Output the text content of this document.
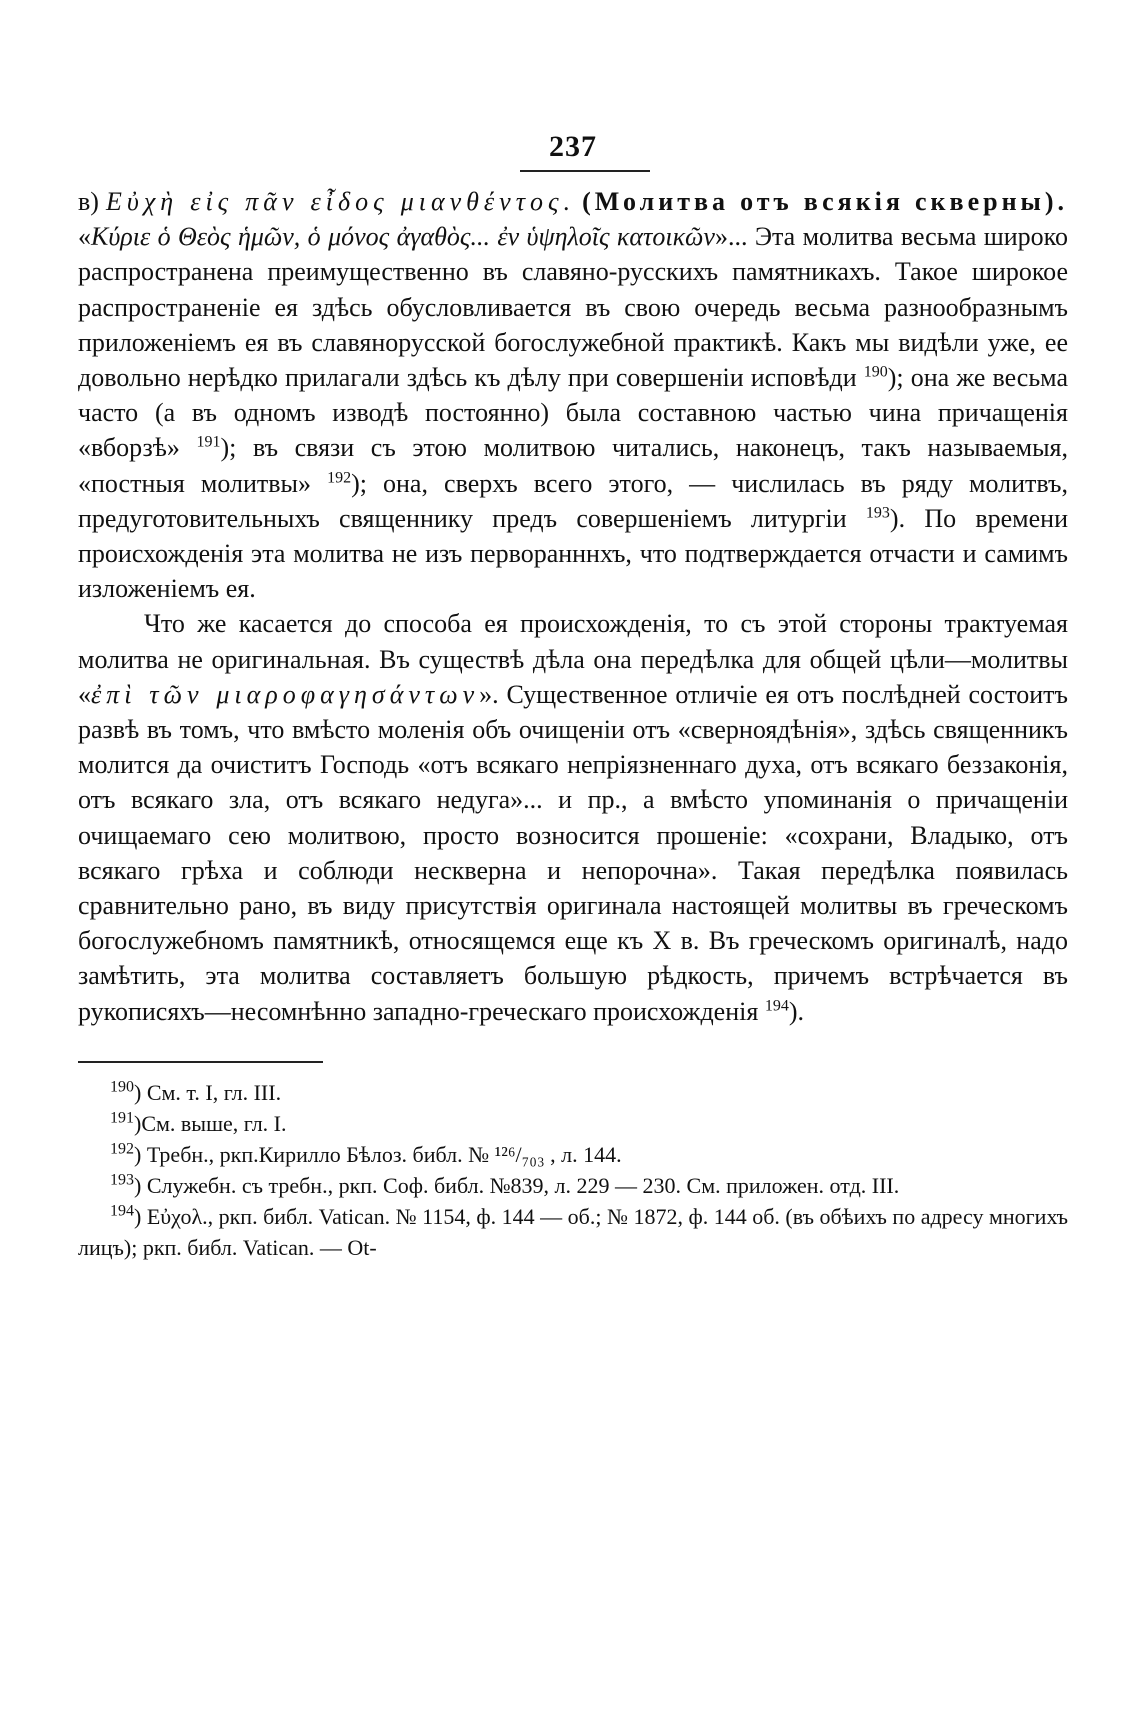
237

в) Εὐχὴ εἰς πᾶν εἶδος μιανθέντος. (Молитва отъ всякія скверны). «Κύριε ὁ Θεὸς ἡμῶν, ὁ μόνος ἀγαθὸς... ἐν ὑψηλοῖς κατοικῶν»... Эта молитва весьма широко распространена преимущественно въ славяно-русскихъ памятникахъ. Такое широкое распространеніе ея здѣсь обусловливается въ свою очередь весьма разнообразнымъ приложеніемъ ея въ славянорусской богослужебной практикѣ. Какъ мы видѣли уже, ее довольно нерѣдко прилагали здѣсь къ дѣлу при совершеніи исповѣди $^{190}$); она же весьма часто (а въ одномъ изводѣ постоянно) была составною частью чина причащенія «вборзѣ» $^{191}$); въ связи съ этою молитвою читались, наконецъ, такъ называемыя, «постныя молитвы» $^{192}$); она, сверхъ всего этого, — числилась въ ряду молитвъ, предуготовительныхъ священнику предъ совершеніемъ литургіи $^{193}$). По времени происхожденія эта молитва не изъ перворанннхъ, что подтверждается отчасти и самимъ изложеніемъ ея.

Что же касается до способа ея происхожденія, то съ этой стороны трактуемая молитва не оригинальная. Въ существѣ дѣла она передѣлка для общей цѣли—молитвы «ἐπὶ τῶν μιαροφαγησάντων». Существенное отличіе ея отъ послѣдней состоитъ развѣ въ томъ, что вмѣсто моленія объ очищеніи отъ «сверноядѣнія», здѣсь священникъ молится да очиститъ Господь «отъ всякаго непріязненнаго духа, отъ всякаго беззаконія, отъ всякаго зла, отъ всякаго недуга»... и пр., а вмѣсто упоминанія о причащеніи очищаемаго сею молитвою, просто возносится прошеніе: «сохрани, Владыко, отъ всякаго грѣха и соблюди несквернa и непорочна». Такая передѣлка появилась сравнительно рано, въ виду присутствія оригинала настоящей молитвы въ греческомъ богослужебномъ памятникѣ, относящемся еще къ X в. Въ греческомъ оригиналѣ, надо замѣтить, эта молитва составляетъ большую рѣдкость, причемъ встрѣчается въ рукописяхъ—несомнѣнно западно-греческаго происхожденія $^{194}$).

$^{190}$) См. т. I, гл. III.

$^{191}$)См. выше, гл. I.

$^{192}$) Требн., ркп.Кирилло Бѣлоз. библ. № ¹²⁶/₇₀₃ , л. 144.

$^{193}$) Служебн. съ требн., ркп. Соф. библ. №839, л. 229 — 230. См. приложен. отд. III.

$^{194}$) Εὐχολ., ркп. библ. Vatican. № 1154, ф. 144 — об.; № 1872, ф. 144 об. (въ обѣихъ по адресу многихъ лицъ); ркп. библ. Vatican. — Ot-
